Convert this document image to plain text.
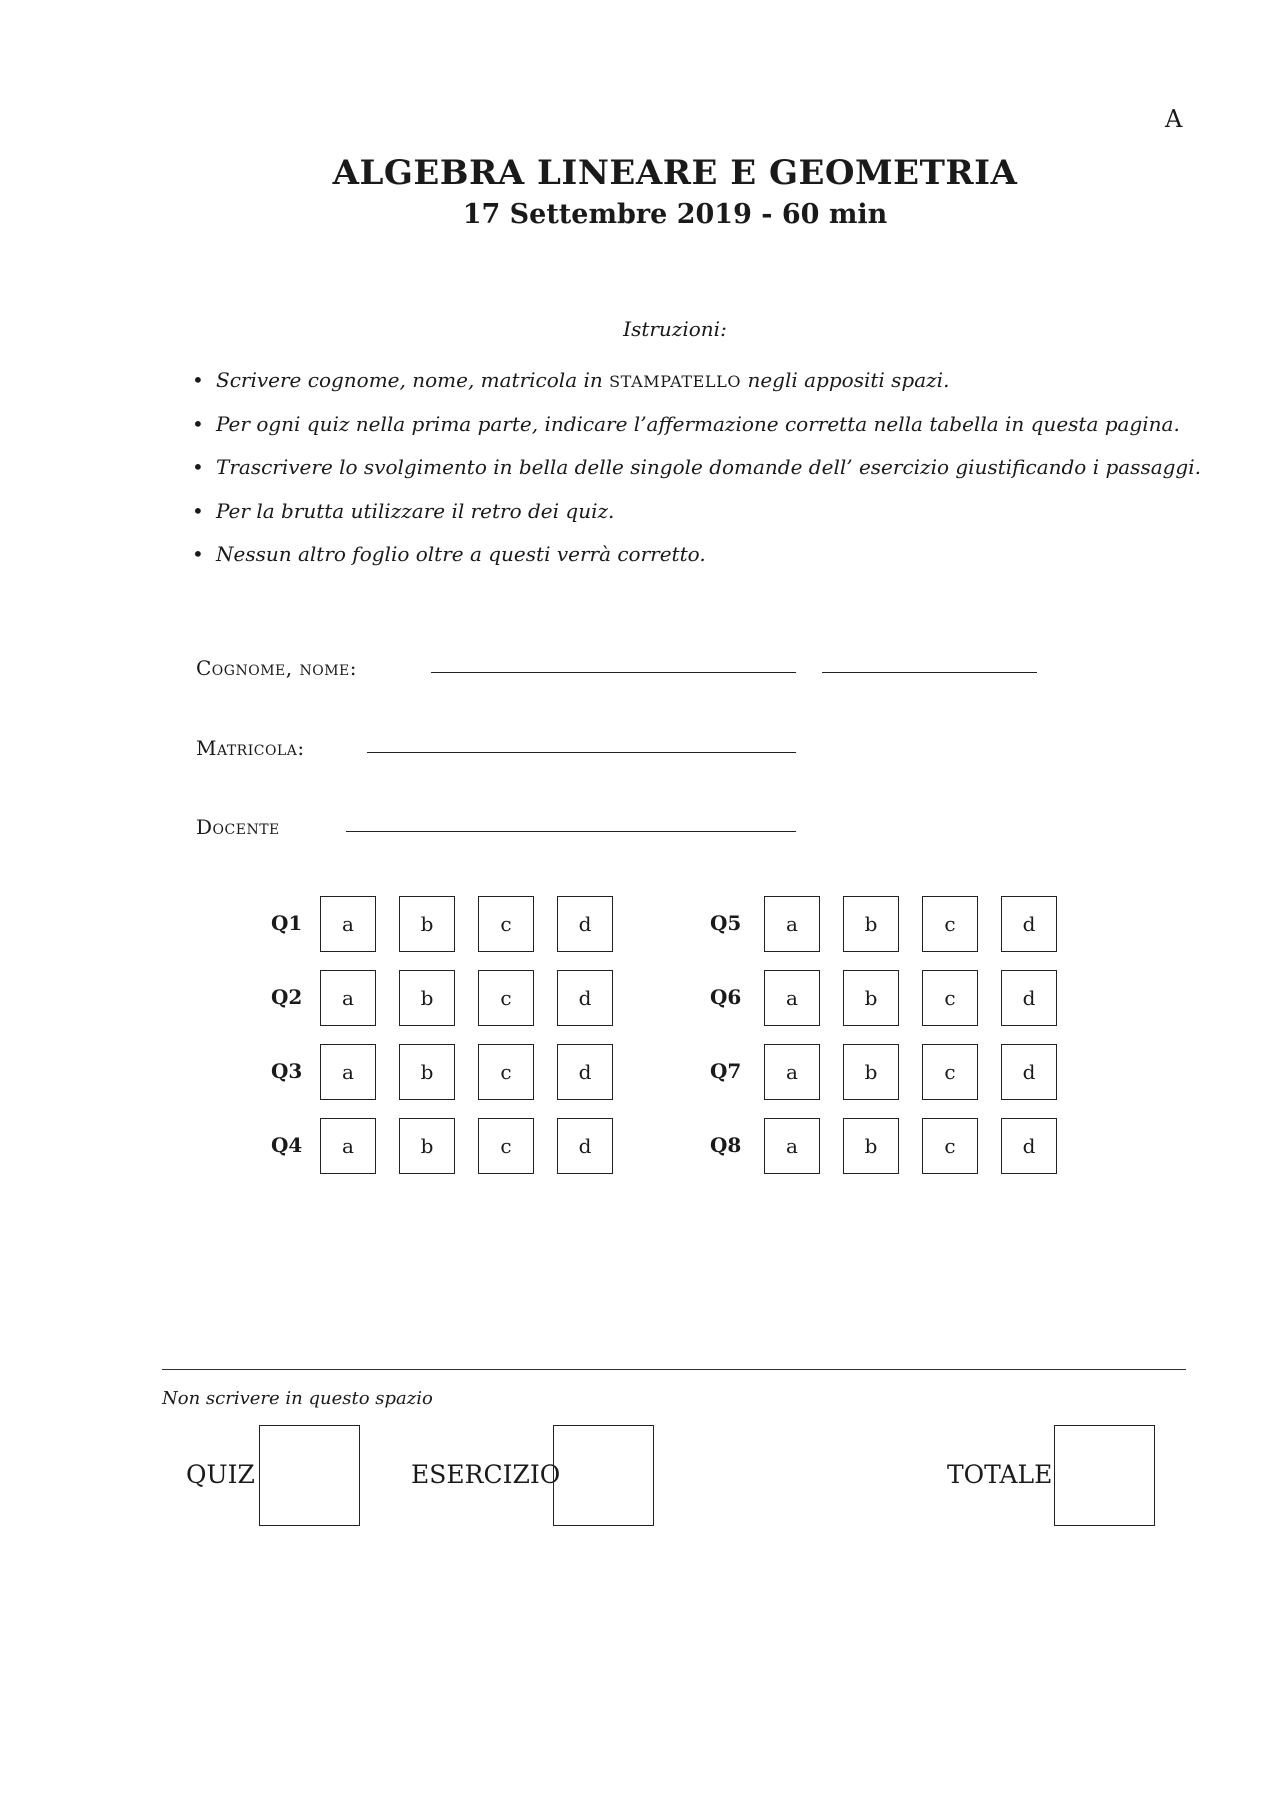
A
ALGEBRA LINEARE E GEOMETRIA
17 Settembre 2019 - 60 min
Istruzioni:
• Scrivere cognome, nome, matricola in STAMPATELLO negli appositi spazi.
• Per ogni quiz nella prima parte, indicare l’affermazione corretta nella tabella in questa pagina.
• Trascrivere lo svolgimento in bella delle singole domande dell’ esercizio giustificando i passaggi.
• Per la brutta utilizzare il retro dei quiz.
• Nessun altro foglio oltre a questi verrà corretto.
Cognome, nome:
Matricola:
Docente
Q1	a	b	c	d
Q2	a	b	c	d
Q3	a	b	c	d
Q4	a	b	c	d
Q5	a	b	c	d
Q6	a	b	c	d
Q7	a	b	c	d
Q8	a	b	c	d
Non scrivere in questo spazio
QUIZ	ESERCIZIO	TOTALE
